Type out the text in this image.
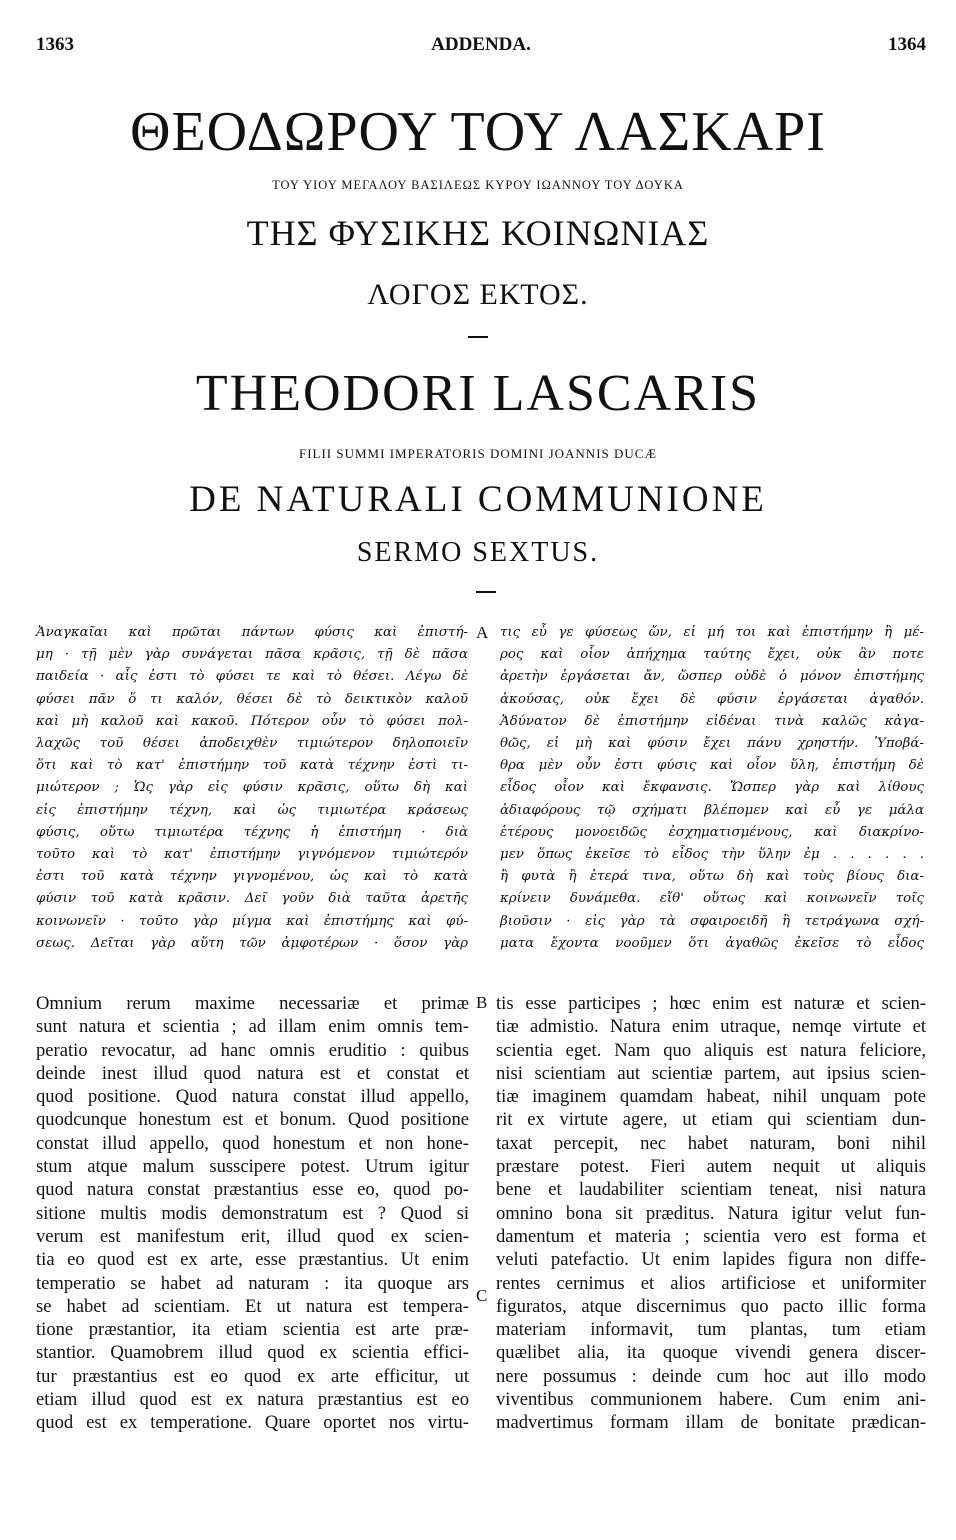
1363	ADDENDA.	1364
ΘΕΟΔΩΡΟΥ ΤΟΥ ΛΑΣΚΑΡΙ
ΤΟΥ ΥΙΟΥ ΜΕΓΑΛΟΥ ΒΑΣΙΛΕΩΣ ΚΥΡΟΥ ΙΩΑΝΝΟΥ ΤΟΥ ΔΟΥΚΑ
ΤΗΣ ΦΥΣΙΚΗΣ ΚΟΙΝΩΝΙΑΣ
ΛΟΓΟΣ ΕΚΤΟΣ.
THEODORI LASCARIS
FILII SUMMI IMPERATORIS DOMINI JOANNIS DUCÆ
DE NATURALI COMMUNIONE
SERMO SEXTUS.
Ἀναγκαῖαι καὶ πρῶται πάντων φύσις καὶ ἐπιστή-
μη · τῇ μὲν γὰρ συνάγεται πᾶσα κρᾶσις, τῇ δὲ πᾶσα
παιδεία · αἷς ἐστι τὸ φύσει τε καὶ τὸ θέσει. Λέγω δὲ
φύσει πᾶν ὅ τι καλόν, θέσει δὲ τὸ δεικτικὸν καλοῦ
καὶ μὴ καλοῦ καὶ κακοῦ. Πότερον οὖν τὸ φύσει πολ-
λαχῶς τοῦ θέσει ἀποδειχθὲν τιμιώτερον δηλοποιεῖν
ὅτι καὶ τὸ κατ' ἐπιστήμην τοῦ κατὰ τέχνην ἐστὶ τι-
μιώτερον ; Ὡς γὰρ εἰς φύσιν κρᾶσις, οὕτω δὴ καὶ
εἰς ἐπιστήμην τέχνη, καὶ ὡς τιμιωτέρα κράσεως
φύσις, οὕτω τιμιωτέρα τέχνης ἡ ἐπιστήμη · διὰ
τοῦτο καὶ τὸ κατ' ἐπιστήμην γιγνόμενον τιμιώτερόν
ἐστι τοῦ κατὰ τέχνην γιγνομένου, ὡς καὶ τὸ κατὰ
φύσιν τοῦ κατὰ κρᾶσιν. Δεῖ γοῦν διὰ ταῦτα ἀρετῆς
κοινωνεῖν · τοῦτο γὰρ μίγμα καὶ ἐπιστήμης καὶ φύ-
σεως. Δεῖται γὰρ αὕτη τῶν ἀμφοτέρων · ὅσον γὰρ
τις εὖ γε φύσεως ὤν, εἰ μή τοι καὶ ἐπιστήμην ἢ μέ-
ρος καὶ οἷον ἀπήχημα ταύτης ἔχει, οὐκ ἂν ποτε
ἀρετὴν ἐργάσεται ἄν, ὥσπερ οὐδὲ ὁ μόνον ἐπιστήμης
ἀκούσας, οὐκ ἔχει δὲ φύσιν ἐργάσεται ἀγαθόν.
Ἀδύνατον δὲ ἐπιστήμην εἰδέναι τινὰ καλῶς κἀγα-
θῶς, εἰ μὴ καὶ φύσιν ἔχει πάνυ χρηστήν. Ὑποβά-
θρα μὲν οὖν ἐστι φύσις καὶ οἷον ὕλη, ἐπιστήμη δὲ
εἶδος οἷον καὶ ἔκφανσις. Ὥσπερ γὰρ καὶ λίθους
ἀδιαφόρους τῷ σχήματι βλέπομεν καὶ εὖ γε μάλα
ἑτέρους μονοειδῶς ἐσχηματισμένους, καὶ διακρίνο-
μεν ὅπως ἐκεῖσε τὸ εἶδος τὴν ὕλην ἐμ . . . . . .
ἢ φυτὰ ἢ ἑτερά τινα, οὕτω δὴ καὶ τοὺς βίους δια-
κρίνειν δυνάμεθα. εἴθ' οὕτως καὶ κοινωνεῖν τοῖς
βιοῦσιν · εἰς γὰρ τὰ σφαιροειδῆ ἢ τετράγωνα σχή-
ματα ἔχοντα νοοῦμεν ὅτι ἀγαθῶς ἐκεῖσε τὸ εἶδος
Omnium rerum maxime necessariæ et primæ
sunt natura et scientia ; ad illam enim omnis tem-
peratio revocatur, ad hanc omnis eruditio : quibus
deinde inest illud quod natura est et constat et
quod positione. Quod natura constat illud appello,
quodcunque honestum est et bonum. Quod positione
constat illud appello, quod honestum et non hone-
stum atque malum susscipere potest. Utrum igitur
quod natura constat præstantius esse eo, quod po-
sitione multis modis demonstratum est ? Quod si
verum est manifestum erit, illud quod ex scien-
tia eo quod est ex arte, esse præstantius. Ut enim
temperatio se habet ad naturam : ita quoque ars
se habet ad scientiam. Et ut natura est tempera-
tione præstantior, ita etiam scientia est arte præ-
stantior. Quamobrem illud quod ex scientia effici-
tur præstantius est eo quod ex arte efficitur, ut
etiam illud quod est ex natura præstantius est eo
quod est ex temperatione. Quare oportet nos virtu-
tis esse participes ; hœc enim est naturæ et scien-
tiæ admistio. Natura enim utraque, nemqe virtute et
scientia eget. Nam quo aliquis est natura feliciore,
nisi scientiam aut scientiæ partem, aut ipsius scien-
tiæ imaginem quamdam habeat, nihil unquam pote
rit ex virtute agere, ut etiam qui scientiam dun-
taxat percepit, nec habet naturam, boni nihil
præstare potest. Fieri autem nequit ut aliquis
bene et laudabiliter scientiam teneat, nisi natura
omnino bona sit præditus. Natura igitur velut fun-
damentum et materia ; scientia vero est forma et
veluti patefactio. Ut enim lapides figura non diffe-
rentes cernimus et alios artificiose et uniformiter
figuratos, atque discernimus quo pacto illic forma
materiam informavit, tum plantas, tum etiam
quælibet alia, ita quoque vivendi genera discer-
nere possumus : deinde cum hoc aut illo modo
viventibus communionem habere. Cum enim ani-
madvertimus formam illam de bonitate prædican-
A
B
C
